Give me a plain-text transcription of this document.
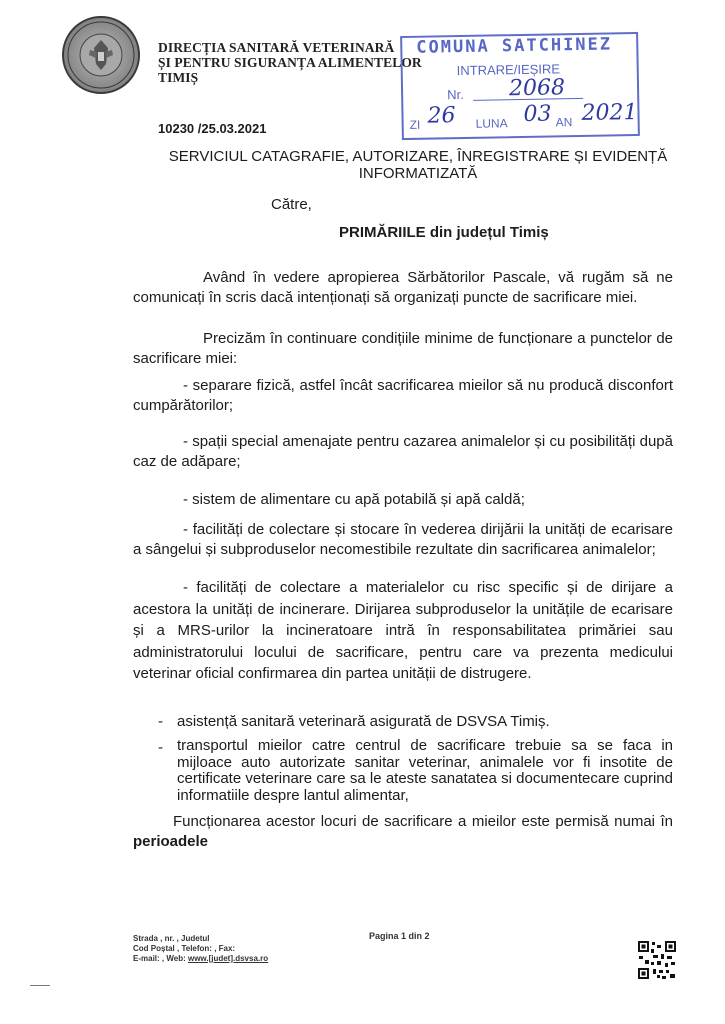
DIRECȚIA SANITARĂ VETERINARĂ
ȘI PENTRU SIGURANȚA ALIMENTELOR
TIMIȘ
COMUNA SATCHINEZ
INTRARE/IEȘIRE
Nr. 2068
ZI 26 LUNA 03 AN 2021
10230 /25.03.2021
SERVICIUL CATAGRAFIE, AUTORIZARE, ÎNREGISTRARE ȘI EVIDENȚĂ
INFORMATIZATĂ
Către,
PRIMĂRIILE din județul Timiș
Având în vedere apropierea Sărbătorilor Pascale, vă rugăm să ne comunicați în scris dacă intenționați să organizați puncte de sacrificare miei.
Precizăm în continuare condițiile minime de funcționare a punctelor de sacrificare miei:
- separare fizică, astfel încât sacrificarea mieilor să nu producă disconfort cumpărătorilor;
- spații special amenajate pentru cazarea animalelor și cu posibilități după caz de adăpare;
- sistem de alimentare cu apă potabilă și apă caldă;
- facilități de colectare și stocare în vederea dirijării la unități de ecarisare a sângelui și subproduselor necomestibile rezultate din sacrificarea animalelor;
- facilități de colectare a materialelor cu risc specific și de dirijare a acestora la unități de incinerare. Dirijarea subproduselor la unitățile de ecarisare și a MRS-urilor la incineratoare intră în responsabilitatea primăriei sau administratorului locului de sacrificare, pentru care va prezenta medicului veterinar oficial confirmarea din partea unității de distrugere.
- asistență sanitară veterinară asigurată de DSVSA Timiș.
- transportul mieilor catre centrul de sacrificare trebuie sa se faca in mijloace auto autorizate sanitar veterinar, animalele vor fi insotite de certificate veterinare care sa le ateste sanatatea si documentecare cuprind informatiile despre lantul alimentar,
Funcționarea acestor locuri de sacrificare a mieilor este permisă numai în perioadele
Strada , nr. , Judetul
Cod Poștal , Telefon: , Fax:
E-mail: , Web: www.[judet].dsvsa.ro
Pagina 1 din 2
